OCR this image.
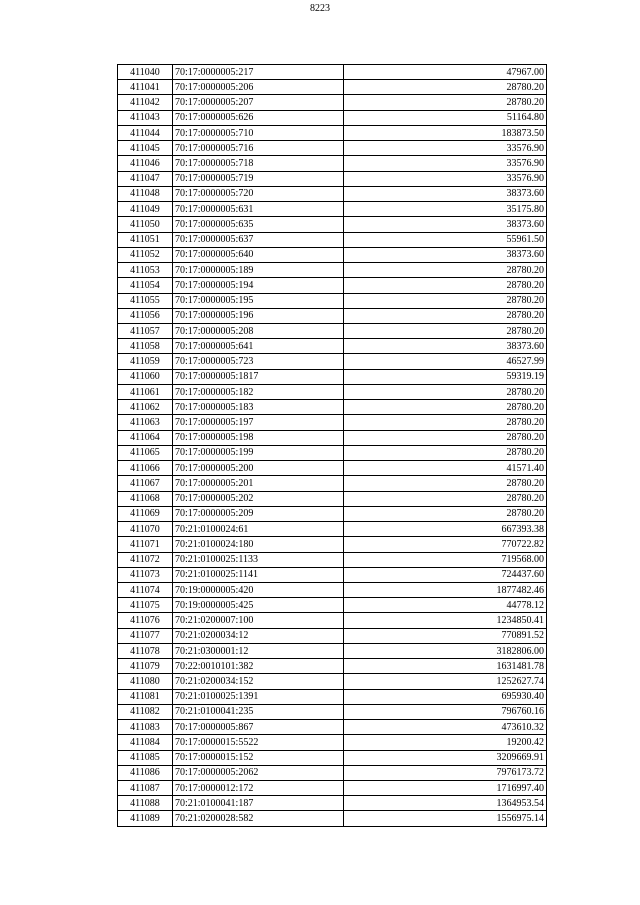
8223
411040	70:17:0000005:217	47967.00
411041	70:17:0000005:206	28780.20
411042	70:17:0000005:207	28780.20
411043	70:17:0000005:626	51164.80
411044	70:17:0000005:710	183873.50
411045	70:17:0000005:716	33576.90
411046	70:17:0000005:718	33576.90
411047	70:17:0000005:719	33576.90
411048	70:17:0000005:720	38373.60
411049	70:17:0000005:631	35175.80
411050	70:17:0000005:635	38373.60
411051	70:17:0000005:637	55961.50
411052	70:17:0000005:640	38373.60
411053	70:17:0000005:189	28780.20
411054	70:17:0000005:194	28780.20
411055	70:17:0000005:195	28780.20
411056	70:17:0000005:196	28780.20
411057	70:17:0000005:208	28780.20
411058	70:17:0000005:641	38373.60
411059	70:17:0000005:723	46527.99
411060	70:17:0000005:1817	59319.19
411061	70:17:0000005:182	28780.20
411062	70:17:0000005:183	28780.20
411063	70:17:0000005:197	28780.20
411064	70:17:0000005:198	28780.20
411065	70:17:0000005:199	28780.20
411066	70:17:0000005:200	41571.40
411067	70:17:0000005:201	28780.20
411068	70:17:0000005:202	28780.20
411069	70:17:0000005:209	28780.20
411070	70:21:0100024:61	667393.38
411071	70:21:0100024:180	770722.82
411072	70:21:0100025:1133	719568.00
411073	70:21:0100025:1141	724437.60
411074	70:19:0000005:420	1877482.46
411075	70:19:0000005:425	44778.12
411076	70:21:0200007:100	1234850.41
411077	70:21:0200034:12	770891.52
411078	70:21:0300001:12	3182806.00
411079	70:22:0010101:382	1631481.78
411080	70:21:0200034:152	1252627.74
411081	70:21:0100025:1391	695930.40
411082	70:21:0100041:235	796760.16
411083	70:17:0000005:867	473610.32
411084	70:17:0000015:5522	19200.42
411085	70:17:0000015:152	3209669.91
411086	70:17:0000005:2062	7976173.72
411087	70:17:0000012:172	1716997.40
411088	70:21:0100041:187	1364953.54
411089	70:21:0200028:582	1556975.14
